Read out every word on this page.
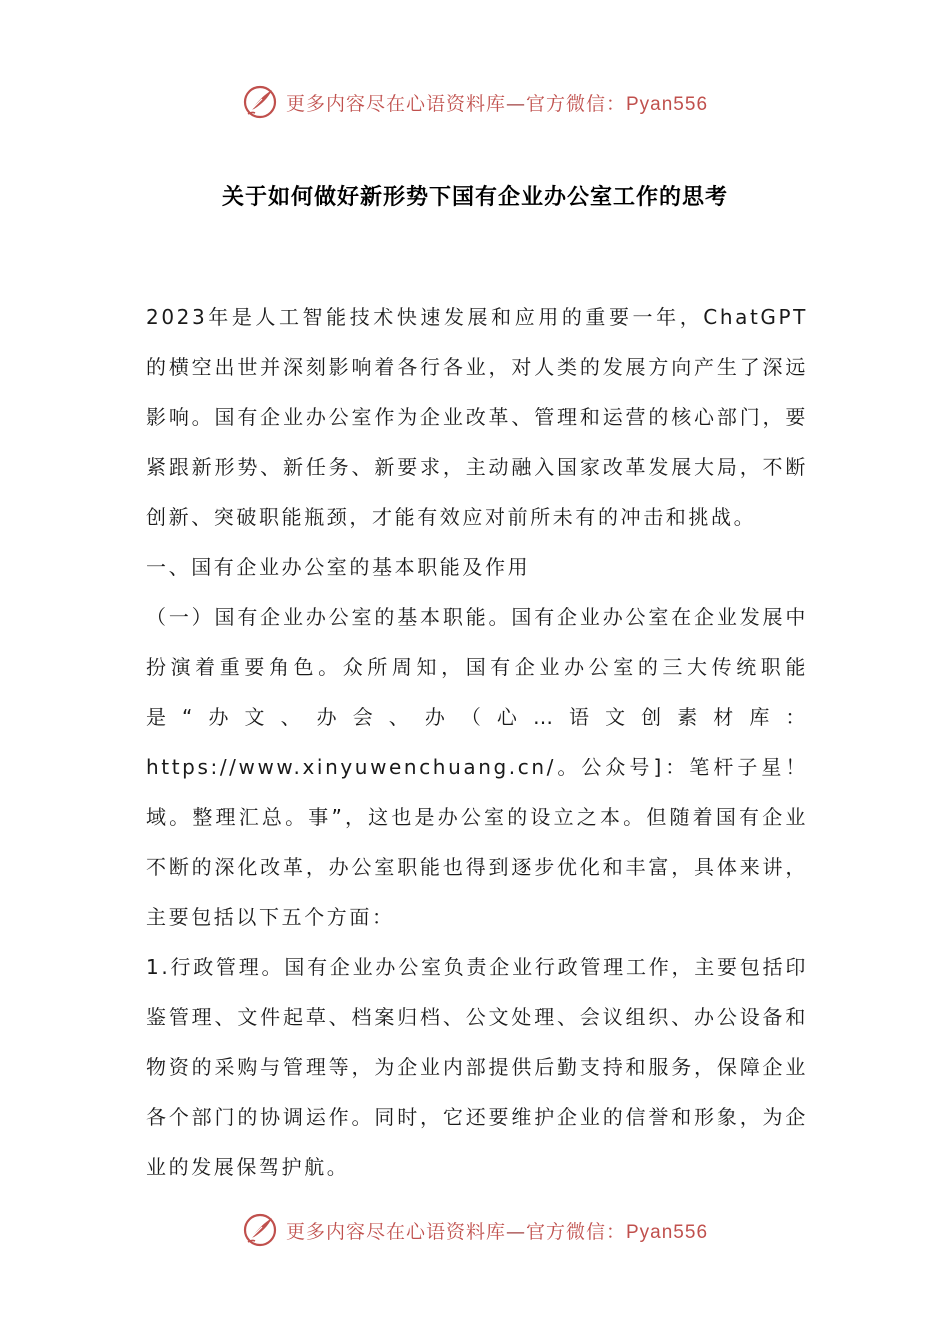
更多内容尽在心语资料库—官方微信：Pyan556
关于如何做好新形势下国有企业办公室工作的思考

2023年是人工智能技术快速发展和应用的重要一年，ChatGPT的横空出世并深刻影响着各行各业，对人类的发展方向产生了深远影响。国有企业办公室作为企业改革、管理和运营的核心部门，要紧跟新形势、新任务、新要求，主动融入国家改革发展大局，不断创新、突破职能瓶颈，才能有效应对前所未有的冲击和挑战。

一、国有企业办公室的基本职能及作用

（一）国有企业办公室的基本职能。国有企业办公室在企业发展中扮演着重要角色。众所周知，国有企业办公室的三大传统职能是“办文、办会、办（心…语文创素材库：https://www.xinyuwenchuang.cn/。公众号]：笔杆子星！域。整理汇总。事”，这也是办公室的设立之本。但随着国有企业不断的深化改革，办公室职能也得到逐步优化和丰富，具体来讲，主要包括以下五个方面：

1.行政管理。国有企业办公室负责企业行政管理工作，主要包括印鉴管理、文件起草、档案归档、公文处理、会议组织、办公设备和物资的采购与管理等，为企业内部提供后勤支持和服务，保障企业各个部门的协调运作。同时，它还要维护企业的信誉和形象，为企业的发展保驾护航。

更多内容尽在心语资料库—官方微信：Pyan556
